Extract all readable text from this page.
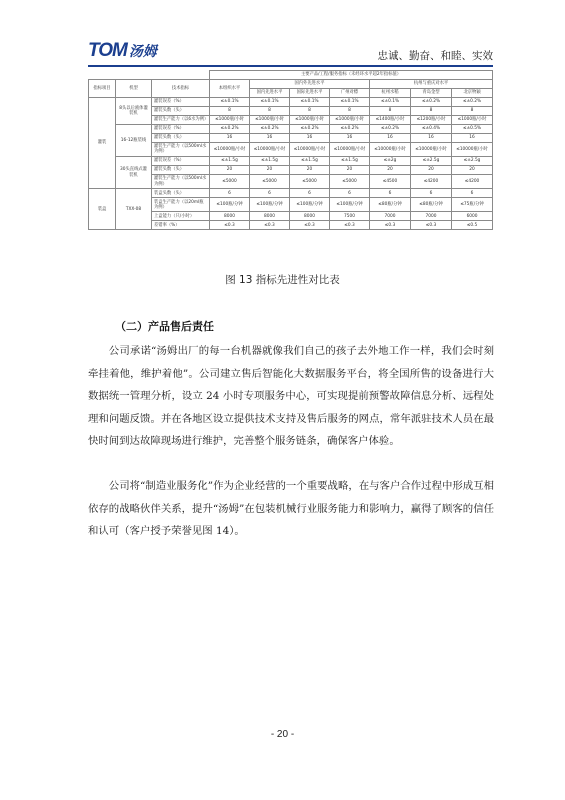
TOM 汤姆	忠诚、勤奋、和睦、实效
			主要产品/工程/服务指标（未经环水平超2年指标值）						
指标项目	机型	技术指标	本组织水平	国内外先进水平			杭州与重庆对水平		
				国内先进水平	国际先进水平	广州对標	杭州水稻	青岛金型	北京物颖
灌装	8头以后液体灌装机	灌装误差（%）	≤±0.1%	≤±0.1%	≤±0.1%	≤±0.1%	≤±0.1%	≤±0.2%	≤±0.2%
		灌装头数（头）	8	8	8	8	8	8	8
		灌装生产能力（以6水为例）	≤1000瓶/小时	≤1000瓶/小时	≤1000瓶/小时	≤1000瓶/小时	≤1400瓶/小时	≤1200瓶/小时	≤1000瓶/小时
	16-12瓶装线	灌装误差（%）	≤±0.2%	≤±0.2%	≤±0.2%	≤±0.2%	≤±0.2%	≤±0.4%	≤±0.5%
		灌装头数（头）	16	16	16	16	16	16	16
		灌装生产能力（以500ml水为例）	≤10000瓶/小时	≤10000瓶/小时	≤10000瓶/小时	≤10000瓶/小时	≤10000瓶/小时	≤10000瓶/小时	≤10000瓶/小时
	30头直线式灌装机	灌装误差（%）	≤±1.5g	≤±1.5g	≤±1.5g	≤±1.5g	≤±2g	≤±2.5g	≤±2.5g
		灌装头数（头）	20	20	20	20	20	20	20
		灌装生产能力（以500ml水为例）	≤5000	≤5000	≤5000	≤5000	≤4500	≤4200	≤4200
装盒	TXX-08	装盒头数（头）	6	6	6	6	6	6	6
		装盒生产能力（以20ml瓶为例）	≤100瓶/分钟	≤100瓶/分钟	≤100瓶/分钟	≤100瓶/分钟	≤80瓶/分钟	≤80瓶/分钟	≤75瓶/分钟
		上盒能力（只/小时）	8000	8000	8000	7500	7000	7000	6000
		差错率（%）	≤0.3	≤0.3	≤0.3	≤0.3	≤0.3	≤0.3	≤0.5
图 13 指标先进性对比表
（二）产品售后责任

公司承诺“汤姆出厂的每一台机器就像我们自己的孩子去外地工作一样，我们会时刻牵挂着他，维护着他”。公司建立售后智能化大数据服务平台，将全国所售的设备进行大数据统一管理分析，设立 24 小时专项服务中心，可实现提前预警故障信息分析、远程处理和问题反馈。并在各地区设立提供技术支持及售后服务的网点，常年派驻技术人员在最快时间到达故障现场进行维护，完善整个服务链条，确保客户体验。

公司将“制造业服务化”作为企业经营的一个重要战略，在与客户合作过程中形成互相依存的战略伙伴关系，提升“汤姆”在包装机械行业服务能力和影响力，赢得了顾客的信任和认可（客户授予荣誉见图 14）。

- 20 -
